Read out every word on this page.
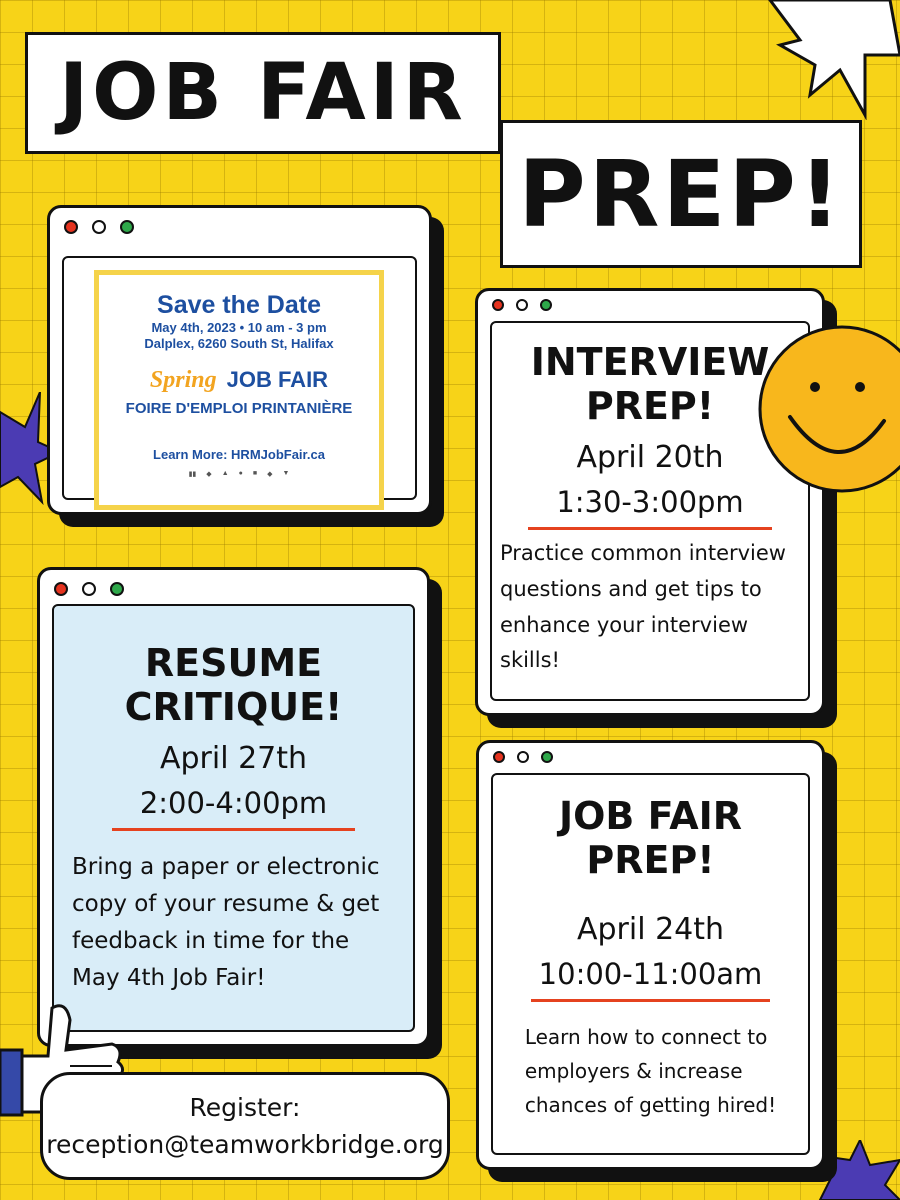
JOB FAIR
PREP!
Save the Date
May 4th, 2023 • 10 am - 3 pm
Dalplex, 6260 South St, Halifax
Spring JOB FAIR
FOIRE D'EMPLOI PRINTANIÈRE
Learn More: HRMJobFair.ca
▮▮ ◆ ▲ ● ■ ◆ ▼
INTERVIEW
PREP!
April 20th
1:30-3:00pm
Practice common interview
questions and get tips to
enhance your interview
skills!
RESUME
CRITIQUE!
April 27th
2:00-4:00pm
Bring a paper or electronic
copy of your resume & get
feedback in time for the
May 4th Job Fair!
JOB FAIR
PREP!
April 24th
10:00-11:00am
Learn how to connect to
employers & increase
chances of getting hired!
Register:
reception@teamworkbridge.org
